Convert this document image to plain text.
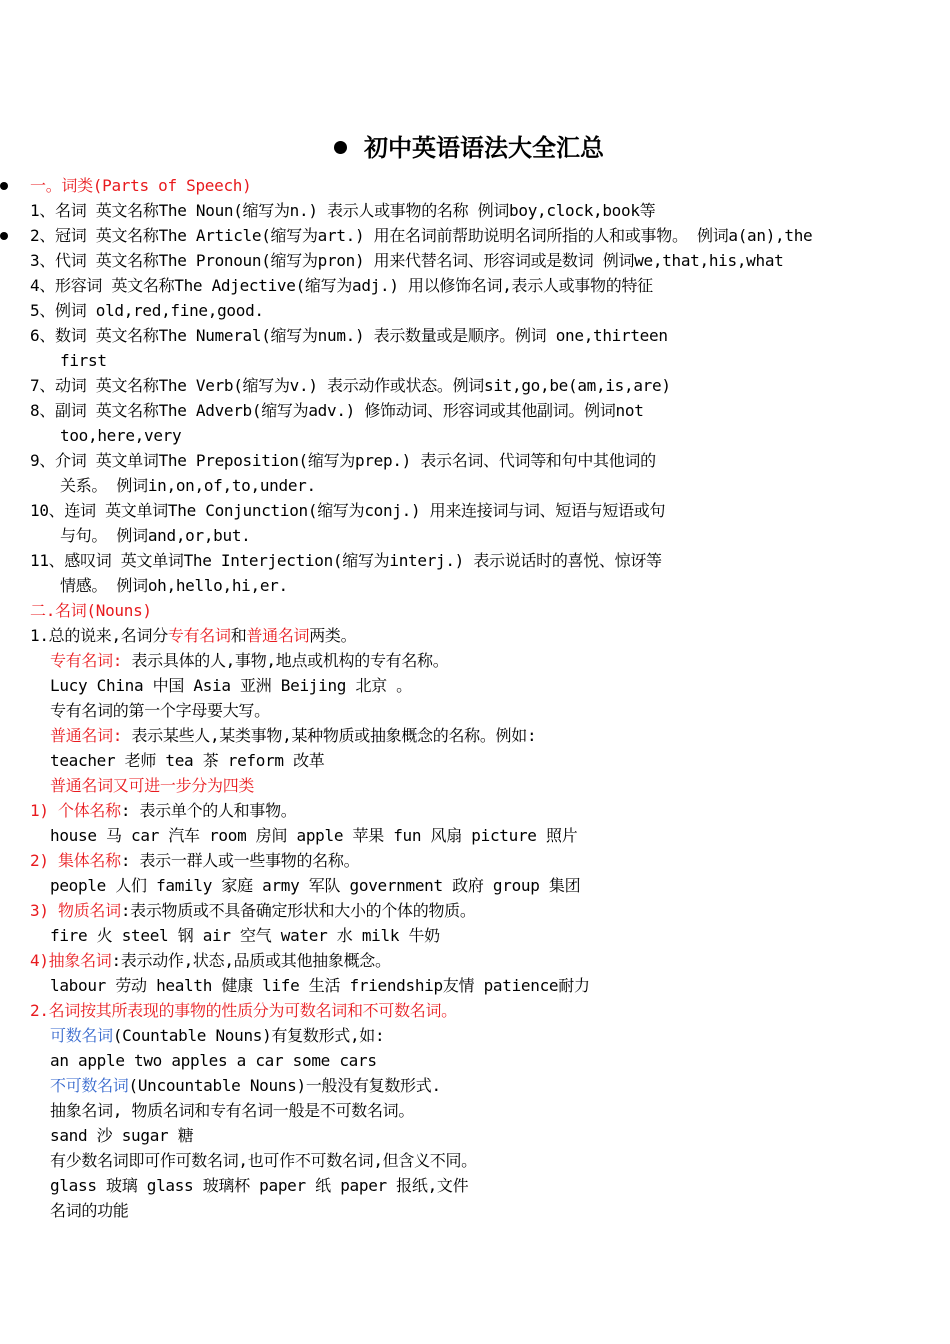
初中英语语法大全汇总
一。词类(Parts of Speech)
1、名词 英文名称The Noun(缩写为n.) 表示人或事物的名称 例词boy,clock,book等
2、冠词 英文名称The Article(缩写为art.) 用在名词前帮助说明名词所指的人和或事物。 例词a(an),the
3、代词 英文名称The Pronoun(缩写为pron) 用来代替名词、形容词或是数词 例词we,that,his,what
4、形容词 英文名称The Adjective(缩写为adj.) 用以修饰名词,表示人或事物的特征
5、例词 old,red,fine,good.
6、数词 英文名称The Numeral(缩写为num.) 表示数量或是顺序。例词 one,thirteen
first
7、动词 英文名称The Verb(缩写为v.) 表示动作或状态。例词sit,go,be(am,is,are)
8、副词 英文名称The Adverb(缩写为adv.) 修饰动词、形容词或其他副词。例词not
too,here,very
9、介词 英文单词The Preposition(缩写为prep.) 表示名词、代词等和句中其他词的
关系。 例词in,on,of,to,under.
10、连词 英文单词The Conjunction(缩写为conj.) 用来连接词与词、短语与短语或句
与句。 例词and,or,but.
11、感叹词 英文单词The Interjection(缩写为interj.) 表示说话时的喜悦、惊讶等
情感。 例词oh,hello,hi,er.
二.名词(Nouns)
1.总的说来,名词分专有名词和普通名词两类。
专有名词: 表示具体的人,事物,地点或机构的专有名称。
Lucy China 中国 Asia 亚洲 Beijing 北京 。
专有名词的第一个字母要大写。
普通名词: 表示某些人,某类事物,某种物质或抽象概念的名称。例如:
teacher 老师 tea 茶 reform 改革
普通名词又可进一步分为四类
1) 个体名称: 表示单个的人和事物。
house 马 car 汽车 room 房间 apple 苹果 fun 风扇 picture 照片
2) 集体名称: 表示一群人或一些事物的名称。
people 人们 family 家庭 army 军队 government 政府 group 集团
3) 物质名词:表示物质或不具备确定形状和大小的个体的物质。
fire 火 steel 钢 air 空气 water 水 milk 牛奶
4)抽象名词:表示动作,状态,品质或其他抽象概念。
labour 劳动 health 健康 life 生活 friendship友情 patience耐力
2.名词按其所表现的事物的性质分为可数名词和不可数名词。
可数名词(Countable Nouns)有复数形式,如:
an apple two apples a car some cars
不可数名词(Uncountable Nouns)一般没有复数形式.
抽象名词, 物质名词和专有名词一般是不可数名词。
sand 沙 sugar 糖
有少数名词即可作可数名词,也可作不可数名词,但含义不同。
glass 玻璃 glass 玻璃杯 paper 纸 paper 报纸,文件
名词的功能
